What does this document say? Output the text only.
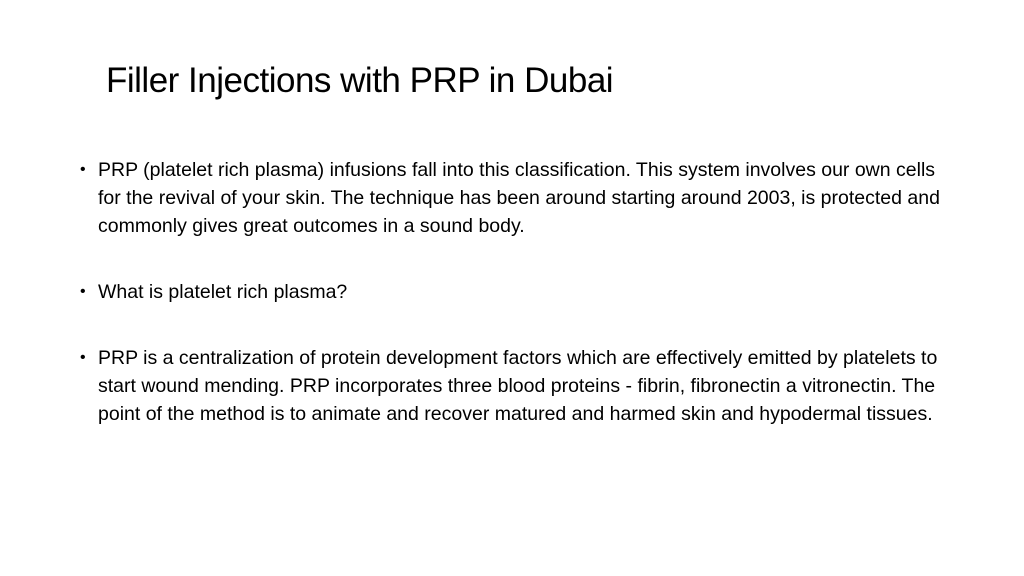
Filler Injections with PRP in Dubai
• PRP (platelet rich plasma) infusions fall into this classification. This system involves our own cells for the revival of your skin. The technique has been around starting around 2003, is protected and commonly gives great outcomes in a sound body.
• What is platelet rich plasma?
• PRP is a centralization of protein development factors which are effectively emitted by platelets to start wound mending. PRP incorporates three blood proteins - fibrin, fibronectin a vitronectin. The point of the method is to animate and recover matured and harmed skin and hypodermal tissues.
